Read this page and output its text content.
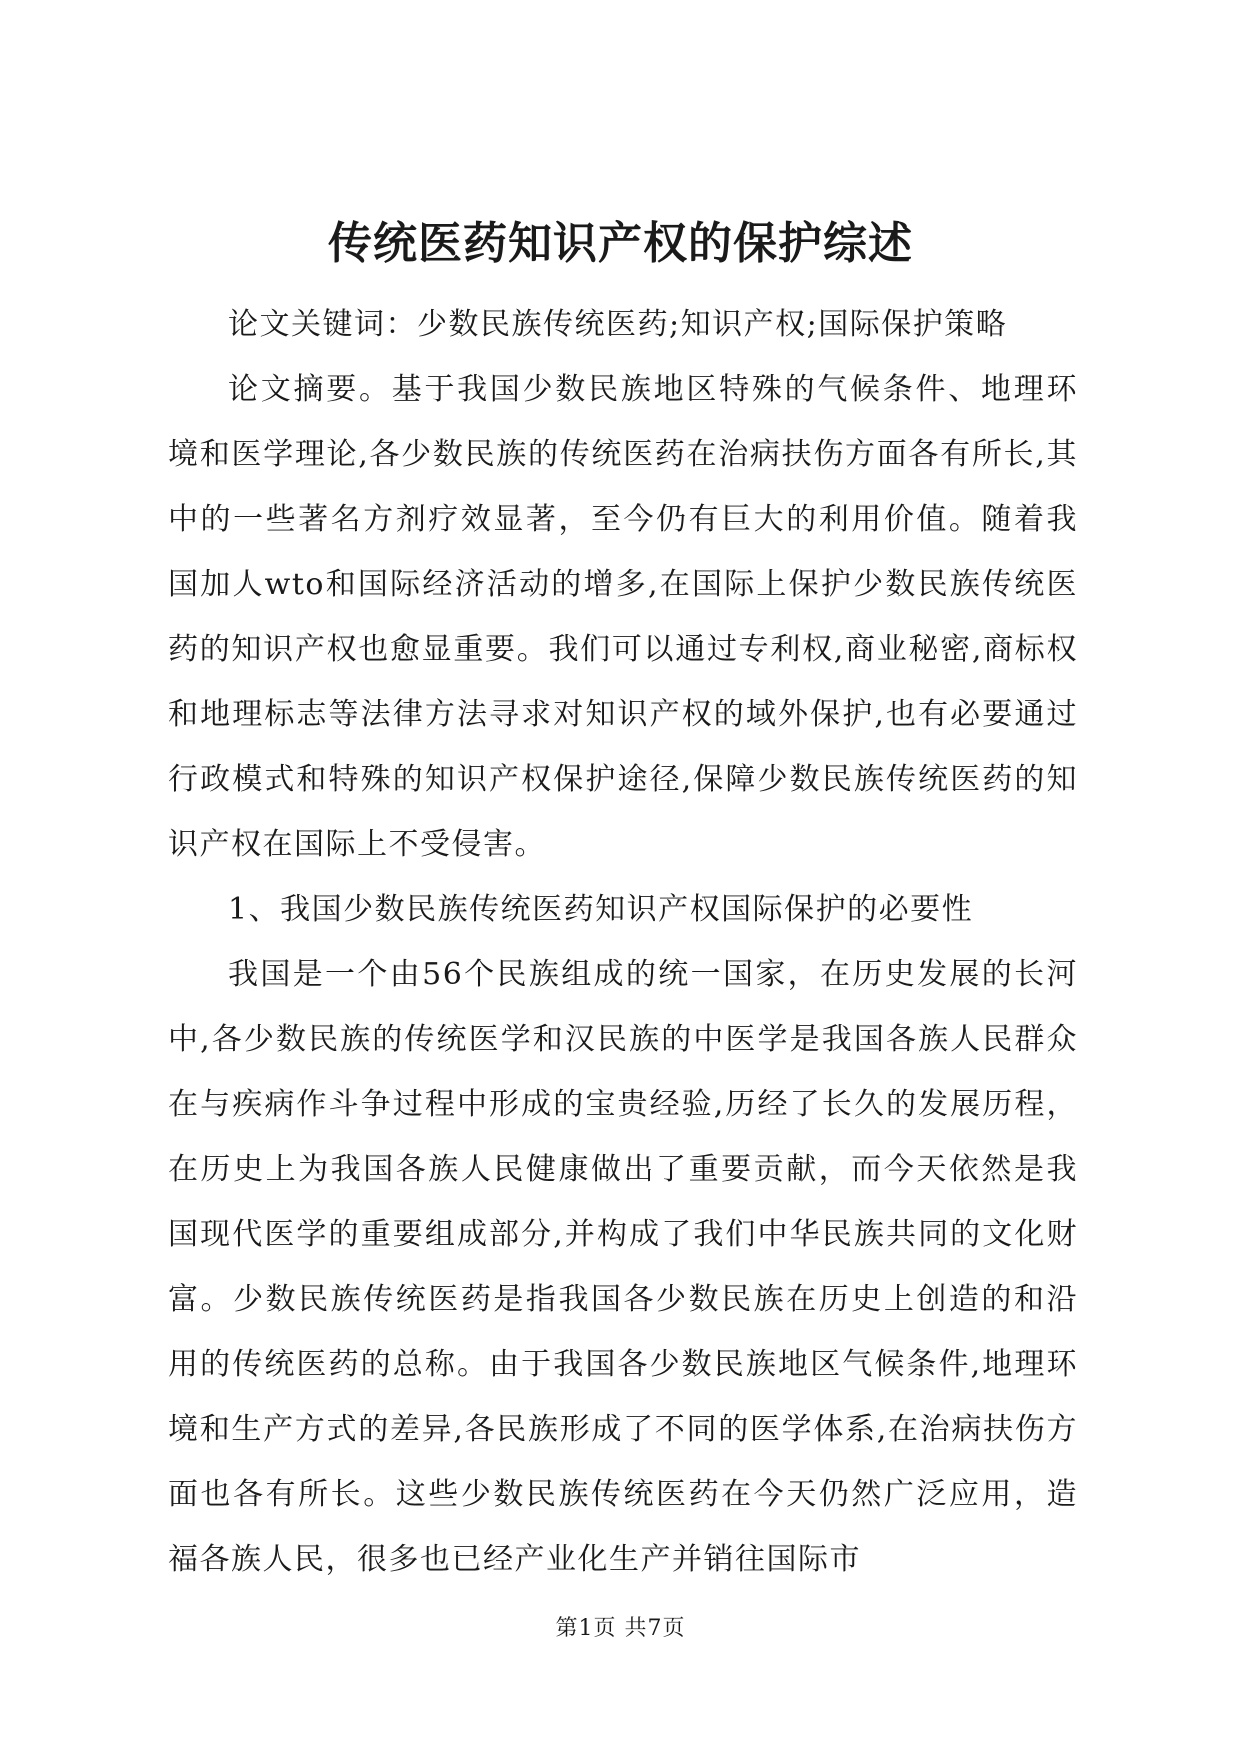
传统医药知识产权的保护综述

论文关键词：少数民族传统医药;知识产权;国际保护策略

论文摘要。基于我国少数民族地区特殊的气候条件、地理环境和医学理论,各少数民族的传统医药在治病扶伤方面各有所长,其中的一些著名方剂疗效显著，至今仍有巨大的利用价值。随着我国加人wto和国际经济活动的增多,在国际上保护少数民族传统医药的知识产权也愈显重要。我们可以通过专利权,商业秘密,商标权和地理标志等法律方法寻求对知识产权的域外保护,也有必要通过行政模式和特殊的知识产权保护途径,保障少数民族传统医药的知识产权在国际上不受侵害。

1、我国少数民族传统医药知识产权国际保护的必要性

我国是一个由56个民族组成的统一国家，在历史发展的长河中,各少数民族的传统医学和汉民族的中医学是我国各族人民群众在与疾病作斗争过程中形成的宝贵经验,历经了长久的发展历程，在历史上为我国各族人民健康做出了重要贡献，而今天依然是我国现代医学的重要组成部分,并构成了我们中华民族共同的文化财富。少数民族传统医药是指我国各少数民族在历史上创造的和沿用的传统医药的总称。由于我国各少数民族地区气候条件,地理环境和生产方式的差异,各民族形成了不同的医学体系,在治病扶伤方面也各有所长。这些少数民族传统医药在今天仍然广泛应用，造福各族人民，很多也已经产业化生产并销往国际市

第1页 共7页
